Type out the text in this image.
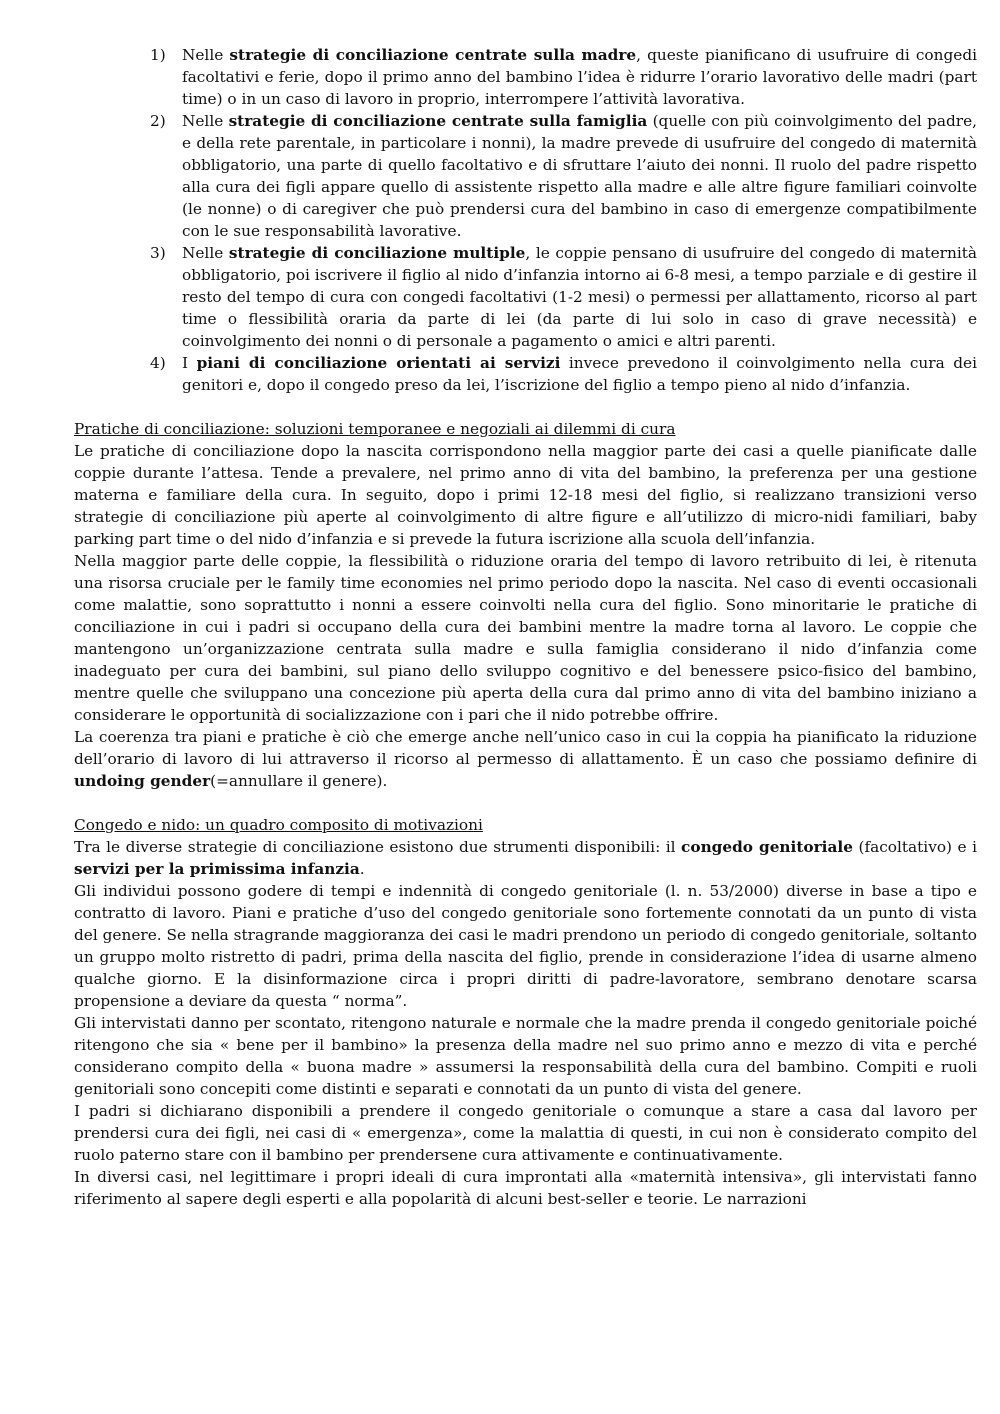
1) Nelle strategie di conciliazione centrate sulla madre, queste pianificano di usufruire di congedi facoltativi e ferie, dopo il primo anno del bambino l’idea è ridurre l’orario lavorativo delle madri (part time) o in un caso di lavoro in proprio, interrompere l’attività lavorativa.
2) Nelle strategie di conciliazione centrate sulla famiglia (quelle con più coinvolgimento del padre, e della rete parentale, in particolare i nonni), la madre prevede di usufruire del congedo di maternità obbligatorio, una parte di quello facoltativo e di sfruttare l’aiuto dei nonni. Il ruolo del padre rispetto alla cura dei figli appare quello di assistente rispetto alla madre e alle altre figure familiari coinvolte (le nonne) o di caregiver che può prendersi cura del bambino in caso di emergenze compatibilmente con le sue responsabilità lavorative.
3) Nelle strategie di conciliazione multiple, le coppie pensano di usufruire del congedo di maternità obbligatorio, poi iscrivere il figlio al nido d’infanzia intorno ai 6-8 mesi, a tempo parziale e di gestire il resto del tempo di cura con congedi facoltativi (1-2 mesi) o permessi per allattamento, ricorso al part time o flessibilità oraria da parte di lei (da parte di lui solo in caso di grave necessità) e coinvolgimento dei nonni o di personale a pagamento o amici e altri parenti.
4) I piani di conciliazione orientati ai servizi invece prevedono il coinvolgimento nella cura dei genitori e, dopo il congedo preso da lei, l’iscrizione del figlio a tempo pieno al nido d’infanzia.
Pratiche di conciliazione: soluzioni temporanee e negoziali ai dilemmi di cura

Le pratiche di conciliazione dopo la nascita corrispondono nella maggior parte dei casi a quelle pianificate dalle coppie durante l’attesa. Tende a prevalere, nel primo anno di vita del bambino, la preferenza per una gestione materna e familiare della cura. In seguito, dopo i primi 12-18 mesi del figlio, si realizzano transizioni verso strategie di conciliazione più aperte al coinvolgimento di altre figure e all’utilizzo di micro-nidi familiari, baby parking part time o del nido d’infanzia e si prevede la futura iscrizione alla scuola dell’infanzia.

Nella maggior parte delle coppie, la flessibilità o riduzione oraria del tempo di lavoro retribuito di lei, è ritenuta una risorsa cruciale per le family time economies nel primo periodo dopo la nascita. Nel caso di eventi occasionali come malattie, sono soprattutto i nonni a essere coinvolti nella cura del figlio. Sono minoritarie le pratiche di conciliazione in cui i padri si occupano della cura dei bambini mentre la madre torna al lavoro. Le coppie che mantengono un’organizzazione centrata sulla madre e sulla famiglia considerano il nido d’infanzia come inadeguato per cura dei bambini, sul piano dello sviluppo cognitivo e del benessere psico-fisico del bambino, mentre quelle che sviluppano una concezione più aperta della cura dal primo anno di vita del bambino iniziano a considerare le opportunità di socializzazione con i pari che il nido potrebbe offrire.

La coerenza tra piani e pratiche è ciò che emerge anche nell’unico caso in cui la coppia ha pianificato la riduzione dell’orario di lavoro di lui attraverso il ricorso al permesso di allattamento. È un caso che possiamo definire di undoing gender(=annullare il genere).

Congedo e nido: un quadro composito di motivazioni

Tra le diverse strategie di conciliazione esistono due strumenti disponibili: il congedo genitoriale (facoltativo) e i servizi per la primissima infanzia.

Gli individui possono godere di tempi e indennità di congedo genitoriale (l. n. 53/2000) diverse in base a tipo e contratto di lavoro. Piani e pratiche d’uso del congedo genitoriale sono fortemente connotati da un punto di vista del genere. Se nella stragrande maggioranza dei casi le madri prendono un periodo di congedo genitoriale, soltanto un gruppo molto ristretto di padri, prima della nascita del figlio, prende in considerazione l’idea di usarne almeno qualche giorno. E la disinformazione circa i propri diritti di padre-lavoratore, sembrano denotare scarsa propensione a deviare da questa “ norma”.

Gli intervistati danno per scontato, ritengono naturale e normale che la madre prenda il congedo genitoriale poiché ritengono che sia « bene per il bambino» la presenza della madre nel suo primo anno e mezzo di vita e perché considerano compito della « buona madre » assumersi la responsabilità della cura del bambino. Compiti e ruoli genitoriali sono concepiti come distinti e separati e connotati da un punto di vista del genere.

I padri si dichiarano disponibili a prendere il congedo genitoriale o comunque a stare a casa dal lavoro per prendersi cura dei figli, nei casi di « emergenza», come la malattia di questi, in cui non è considerato compito del ruolo paterno stare con il bambino per prendersene cura attivamente e continuativamente.

In diversi casi, nel legittimare i propri ideali di cura improntati alla «maternità intensiva», gli intervistati fanno riferimento al sapere degli esperti e alla popolarità di alcuni best-seller e teorie. Le narrazioni
